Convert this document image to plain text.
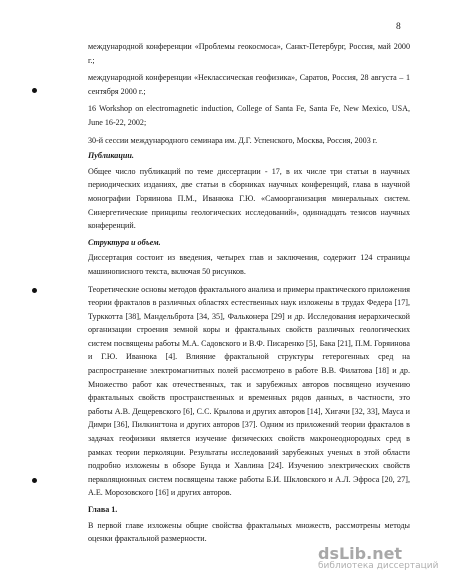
8

международной конференции «Проблемы геокосмоса», Санкт-Петербург, Россия, май 2000 г.;

международной конференции «Неклассическая геофизика», Саратов, Россия, 28 августа – 1 сентября 2000 г.;

16 Workshop on electromagnetic induction, College of Santa Fe, Santa Fe, New Mexico, USA, June 16-22, 2002;

30-й сессии международного семинара им. Д.Г. Успенского, Москва, Россия, 2003 г.

Публикации.

Общее число публикаций по теме диссертации - 17, в их числе три статьи в научных периодических изданиях, две статьи в сборниках научных конференций, глава в научной монографии Горяинова П.М., Иванюка Г.Ю. «Самоорганизация минеральных систем. Синергетические принципы геологических исследований», одиннадцать тезисов научных конференций.

Структура и объем.

Диссертация состоит из введения, четырех глав и заключения, содержит 124 страницы машинописного текста, включая 50 рисунков.

Теоретические основы методов фрактального анализа и примеры практического приложения теории фракталов в различных областях естественных наук изложены в трудах Федера [17], Турккотта [38], Мандельброта [34, 35], Фальконера [29] и др. Исследования иерархической организации строения земной коры и фрактальных свойств различных геологических систем посвящены работы М.А. Садовского и В.Ф. Писаренко [5], Бака [21], П.М. Горяинова и Г.Ю. Иванюка [4]. Влияние фрактальной структуры гетерогенных сред на распространение электромагнитных полей рассмотрено в работе В.В. Филатова [18] и др. Множество работ как отечественных, так и зарубежных авторов посвящено изучению фрактальных свойств пространственных и временных рядов данных, в частности, это работы А.В. Дещеревского [6], С.С. Крылова и других авторов [14], Хигачи [32, 33], Мауса и Димри [36], Пилкингтона и других авторов [37]. Одним из приложений теории фракталов в задачах геофизики является изучение физических свойств макронеоднородных сред в рамках теории перколяции. Результаты исследований зарубежных ученых в этой области подробно изложены в обзоре Бунда и Хавлина [24]. Изучению электрических свойств перколяционных систем посвящены также работы Б.И. Шкловского и А.Л. Эфроса [20, 27], А.Е. Морозовского [16] и других авторов.

Глава 1.

В первой главе изложены общие свойства фрактальных множеств, рассмотрены методы оценки фрактальной размерности.

dsLib.net
библиотека диссертаций
